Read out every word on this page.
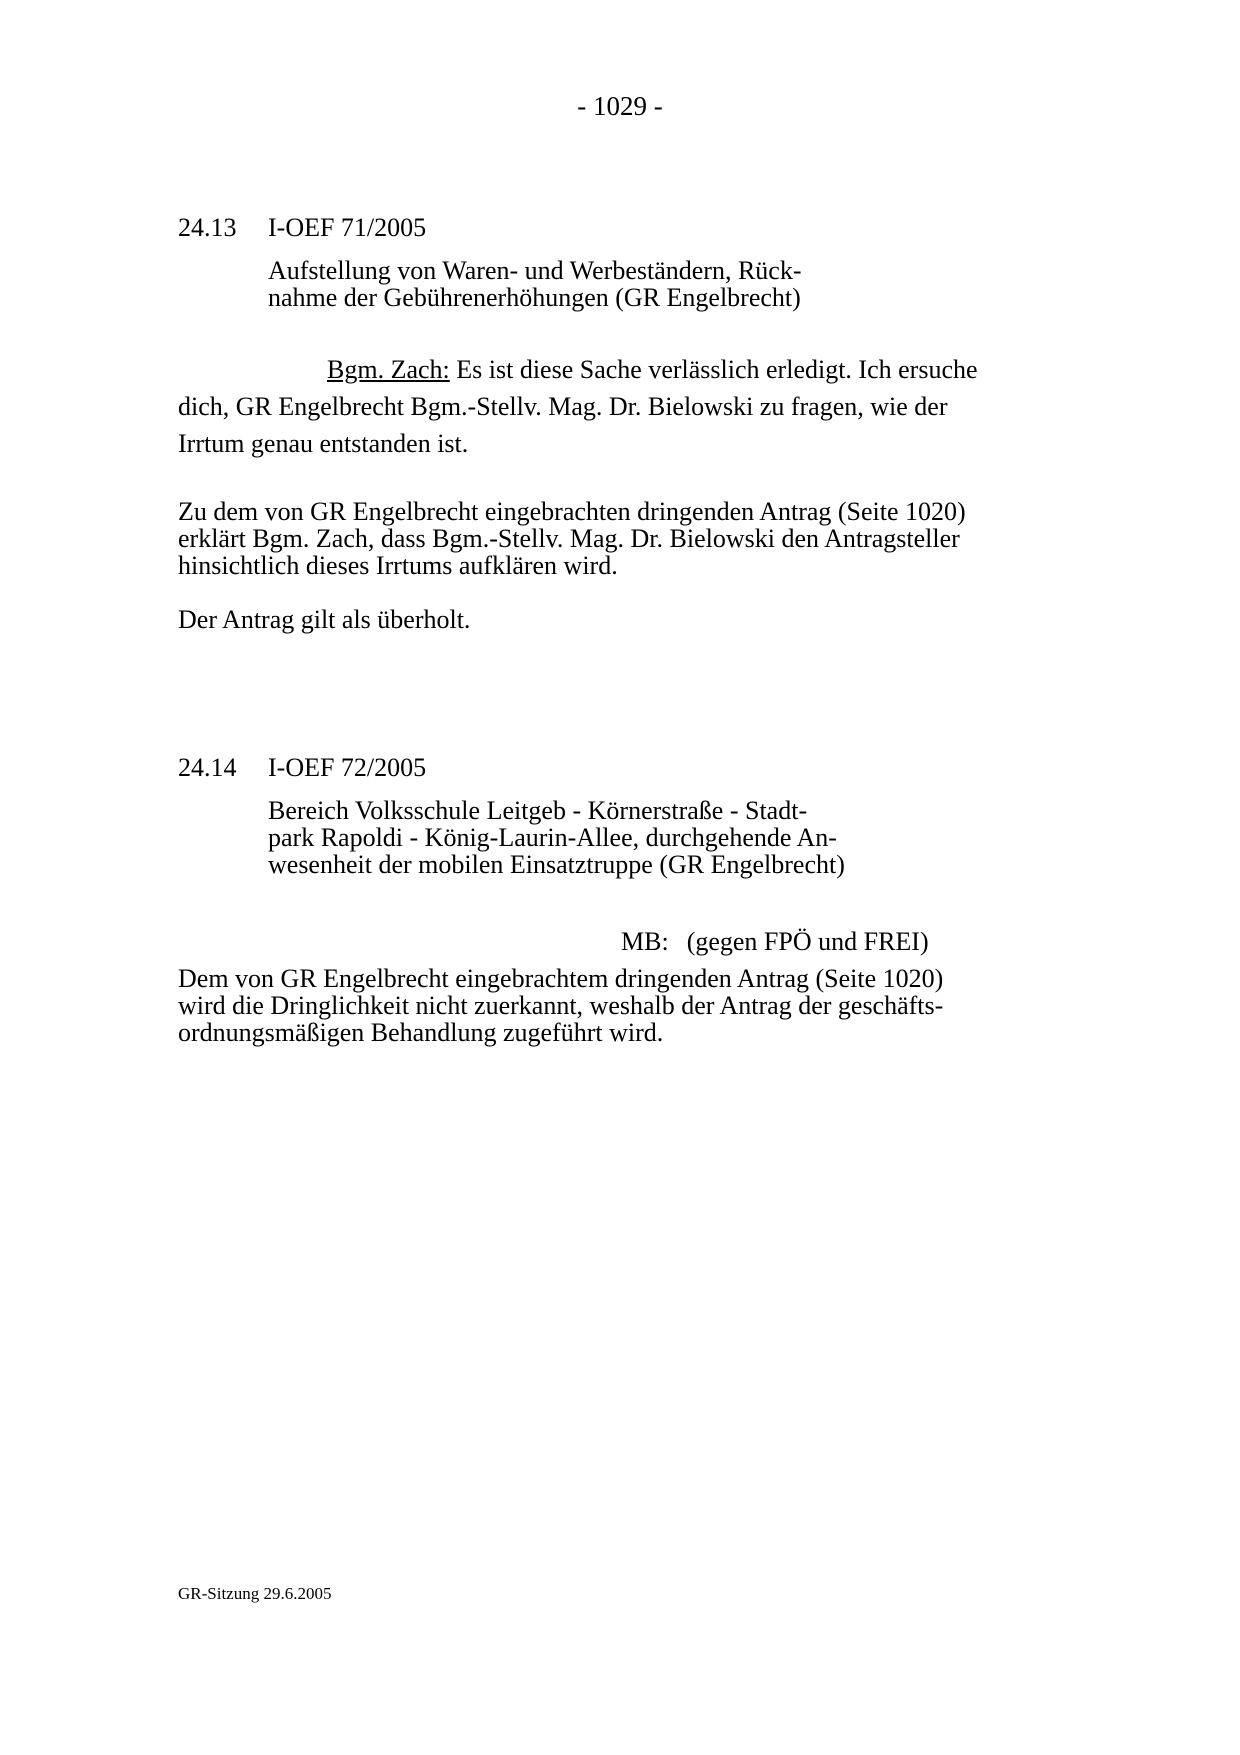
- 1029 -
24.13 I-OEF 71/2005
Aufstellung von Waren- und Werbeständern, Rück-
nahme der Gebührenerhöhungen (GR Engelbrecht)
Bgm. Zach: Es ist diese Sache verlässlich erledigt. Ich ersuche
dich, GR Engelbrecht Bgm.-Stellv. Mag. Dr. Bielowski zu fragen, wie der
Irrtum genau entstanden ist.
Zu dem von GR Engelbrecht eingebrachten dringenden Antrag (Seite 1020)
erklärt Bgm. Zach, dass Bgm.-Stellv. Mag. Dr. Bielowski den Antragsteller
hinsichtlich dieses Irrtums aufklären wird.
Der Antrag gilt als überholt.
24.14 I-OEF 72/2005
Bereich Volksschule Leitgeb - Körnerstraße - Stadt-
park Rapoldi - König-Laurin-Allee, durchgehende An-
wesenheit der mobilen Einsatztruppe (GR Engelbrecht)
MB: (gegen FPÖ und FREI)
Dem von GR Engelbrecht eingebrachtem dringenden Antrag (Seite 1020)
wird die Dringlichkeit nicht zuerkannt, weshalb der Antrag der geschäfts-
ordnungsmäßigen Behandlung zugeführt wird.
GR-Sitzung 29.6.2005
